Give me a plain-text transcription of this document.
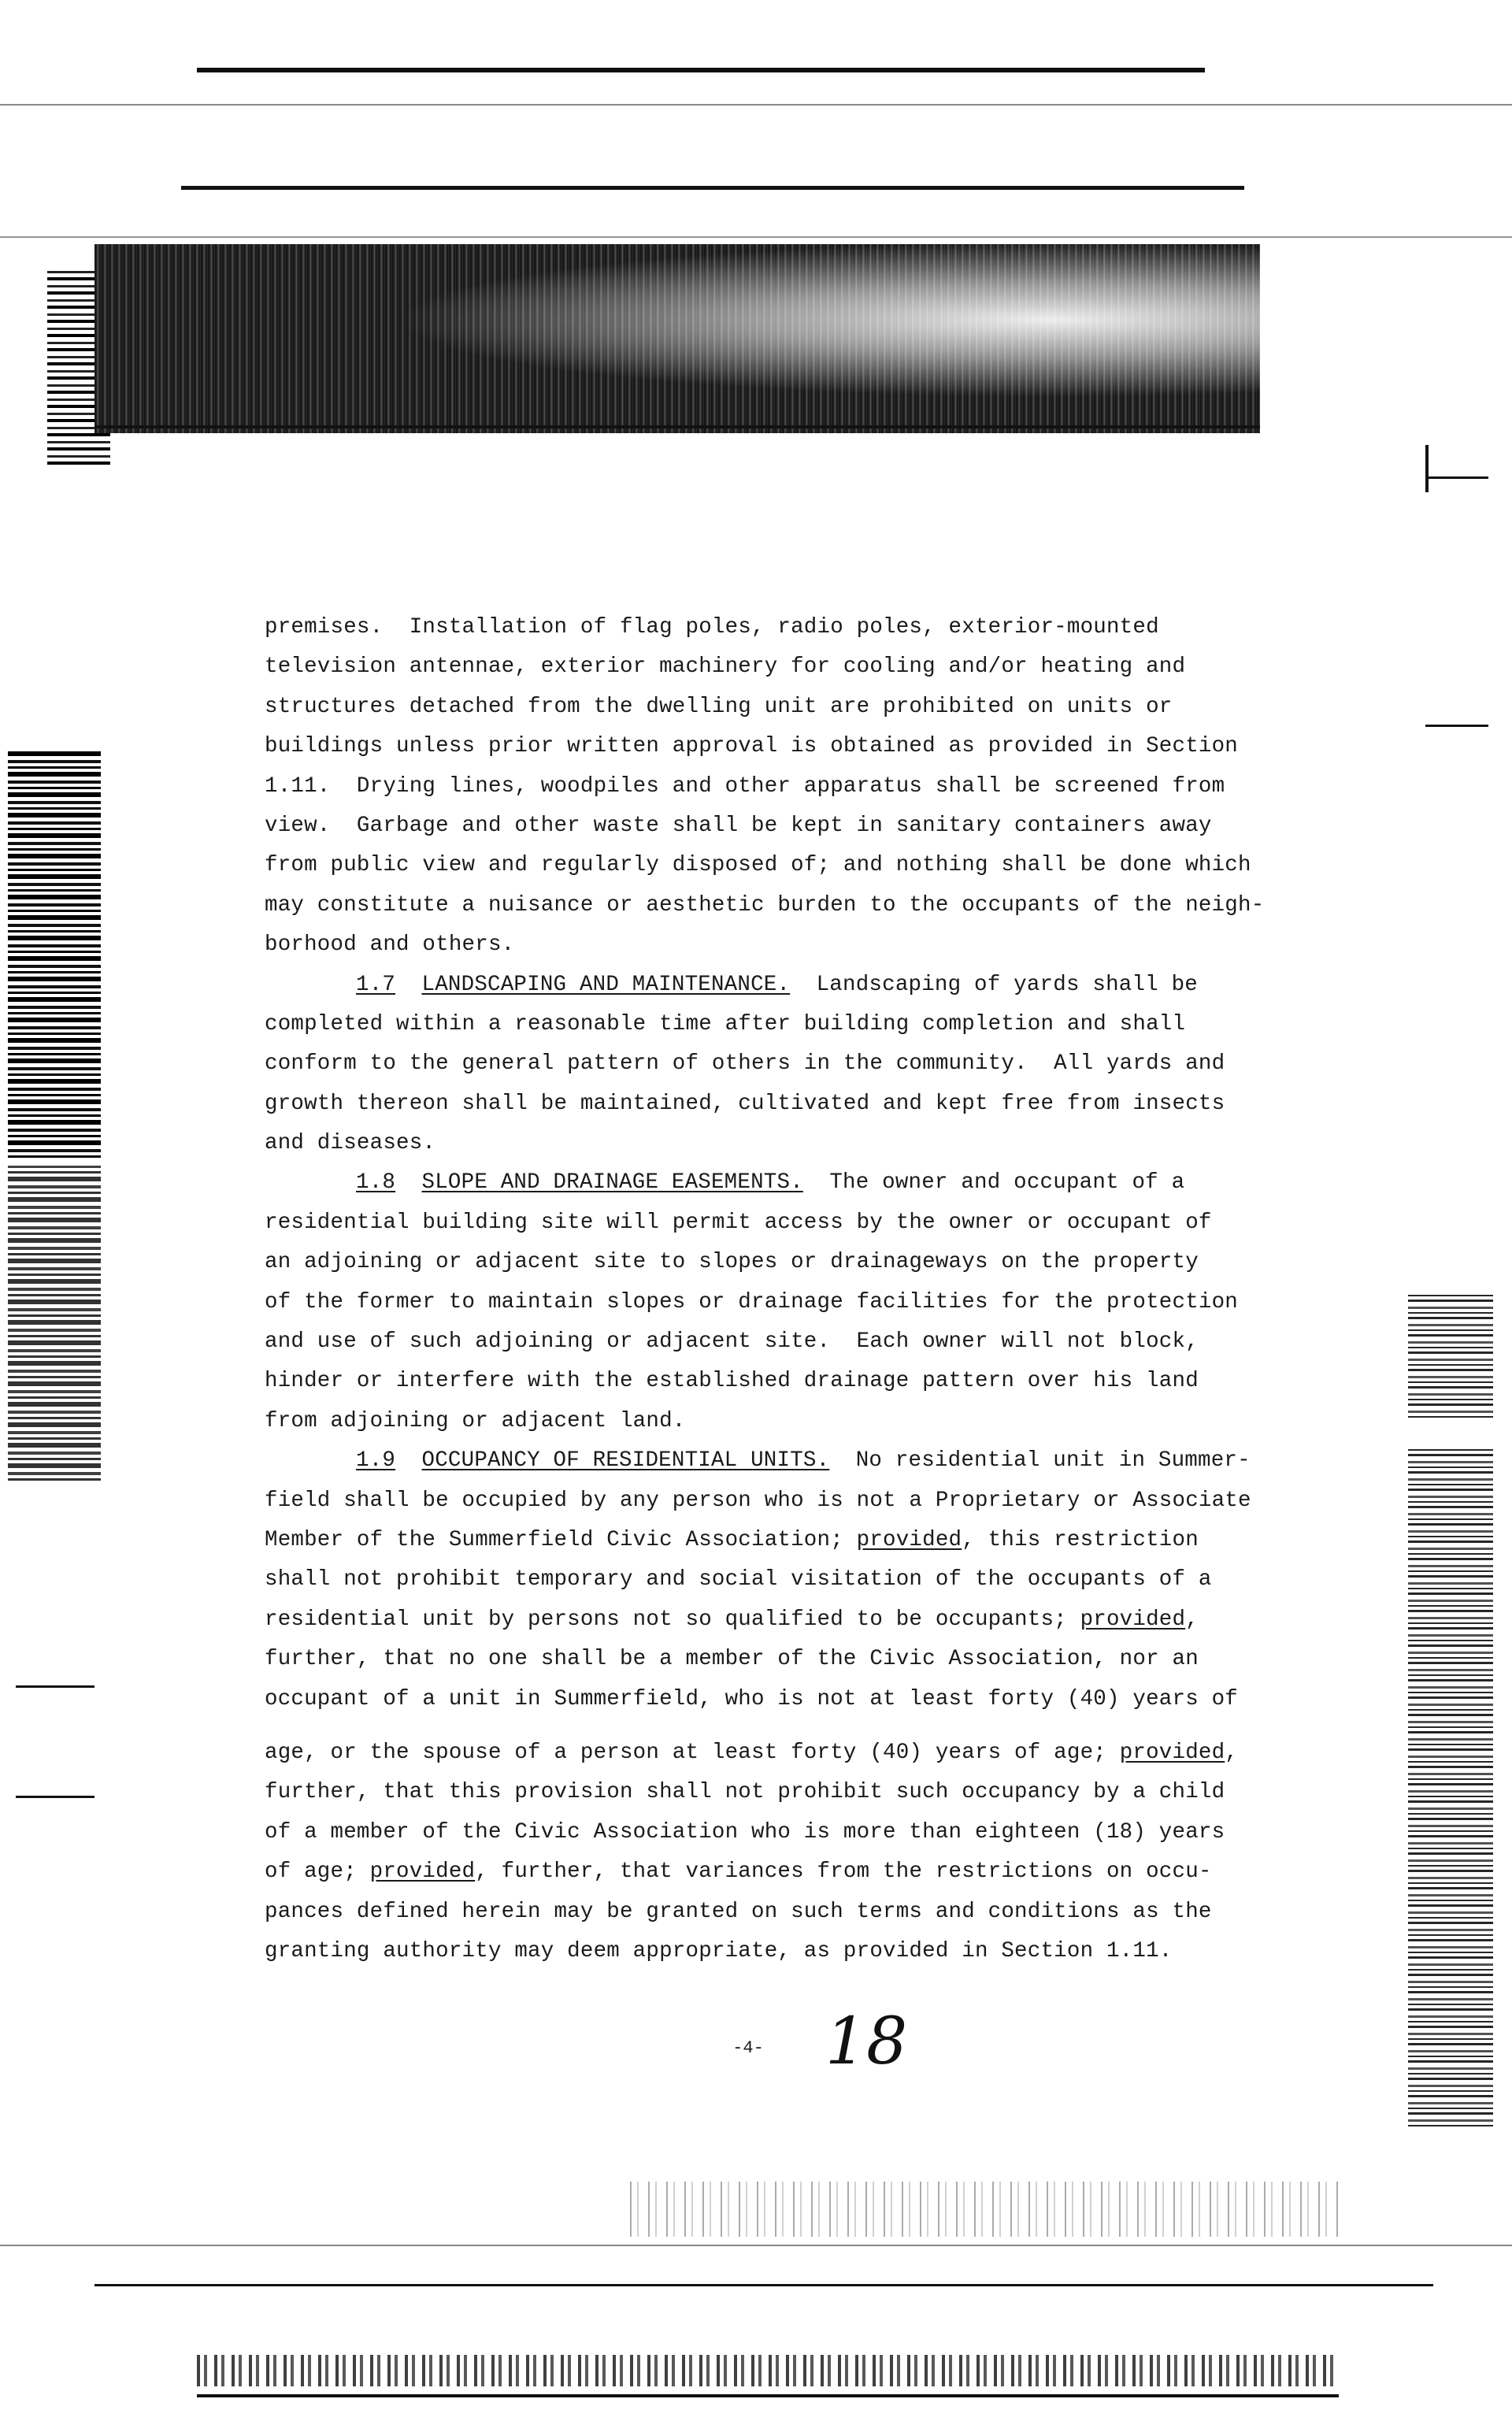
premises.  Installation of flag poles, radio poles, exterior-mounted
television antennae, exterior machinery for cooling and/or heating and
structures detached from the dwelling unit are prohibited on units or
buildings unless prior written approval is obtained as provided in Section
1.11.  Drying lines, woodpiles and other apparatus shall be screened from
view.  Garbage and other waste shall be kept in sanitary containers away
from public view and regularly disposed of; and nothing shall be done which
may constitute a nuisance or aesthetic burden to the occupants of the neigh-
borhood and others.
1.7 LANDSCAPING AND MAINTENANCE. Landscaping of yards shall be
completed within a reasonable time after building completion and shall
conform to the general pattern of others in the community.  All yards and
growth thereon shall be maintained, cultivated and kept free from insects
and diseases.
1.8 SLOPE AND DRAINAGE EASEMENTS. The owner and occupant of a
residential building site will permit access by the owner or occupant of
an adjoining or adjacent site to slopes or drainageways on the property
of the former to maintain slopes or drainage facilities for the protection
and use of such adjoining or adjacent site.  Each owner will not block,
hinder or interfere with the established drainage pattern over his land
from adjoining or adjacent land.
1.9 OCCUPANCY OF RESIDENTIAL UNITS. No residential unit in Summer-
field shall be occupied by any person who is not a Proprietary or Associate
Member of the Summerfield Civic Association; provided, this restriction
shall not prohibit temporary and social visitation of the occupants of a
residential unit by persons not so qualified to be occupants; provided,
further, that no one shall be a member of the Civic Association, nor an
occupant of a unit in Summerfield, who is not at least forty (40) years of
age, or the spouse of a person at least forty (40) years of age; provided,
further, that this provision shall not prohibit such occupancy by a child
of a member of the Civic Association who is more than eighteen (18) years
of age; provided, further, that variances from the restrictions on occu-
pances defined herein may be granted on such terms and conditions as the
granting authority may deem appropriate, as provided in Section 1.11.
-4- 18
